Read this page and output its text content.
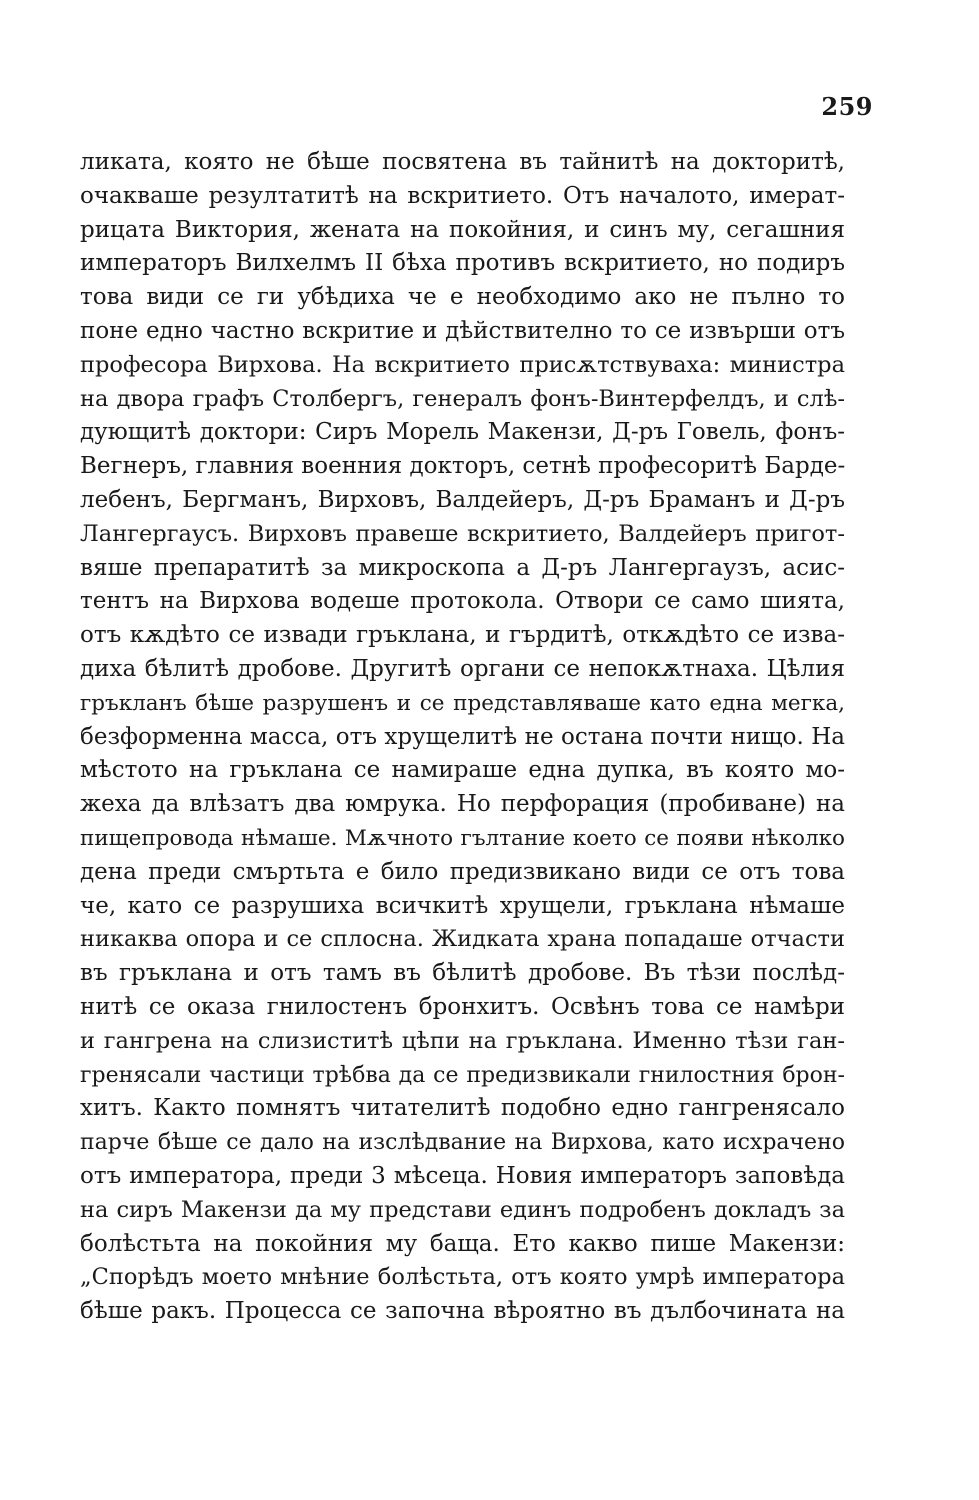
259
ликата, която не бѣше посвятена въ тайнитѣ на докторитѣ,
очакваше резултатитѣ на вскритието. Отъ началото, имерат-
рицата Виктория, жената на покойния, и синъ му, сегашния
императоръ Вилхелмъ II бѣха противъ вскритието, но подиръ
това види се ги убѣдиха че е необходимо ако не пълно то
поне едно частно вскритие и дѣйствително то се извърши отъ
професора Вирхова. На вскритието присѫтствуваха: министра
на двора графъ Столбергъ, генералъ фонъ-Винтерфелдъ, и слѣ-
дующитѣ доктори: Сиръ Морель Макензи, Д-ръ Говель, фонъ-
Вегнеръ, главния военния докторъ, сетнѣ професоритѣ Барде-
лебенъ, Бергманъ, Вирховъ, Валдейеръ, Д-ръ Браманъ и Д-ръ
Лангергаусъ. Вирховъ правеше вскритието, Валдейеръ пригот-
вяше препаратитѣ за микроскопа а Д-ръ Лангергаузъ, асис-
тентъ на Вирхова водеше протокола. Отвори се само шията,
отъ кѫдѣто се извади гръклана, и гърдитѣ, откѫдѣто се изва-
диха бѣлитѣ дробове. Другитѣ органи се непокѫтнаха. Цѣлия
гръкланъ бѣше разрушенъ и се представляваше като една мегка,
безформенна масса, отъ хрущелитѣ не остана почти нищо. На
мѣстото на гръклана се намираше една дупка, въ която мо-
жеха да влѣзатъ два юмрука. Но перфорация (пробиване) на
пищепровода нѣмаше. Мѫчното гълтание което се появи нѣколко
дена преди смъртьта е било предизвикано види се отъ това
че, като се разрушиха всичкитѣ хрущели, гръклана нѣмаше
никаква опора и се сплосна. Жидката храна попадаше отчасти
въ гръклана и отъ тамъ въ бѣлитѣ дробове. Въ тѣзи послѣд-
нитѣ се оказа гнилостенъ бронхитъ. Освѣнъ това се намѣри
и гангрена на слизиститѣ цѣпи на гръклана. Именно тѣзи ган-
гренясали частици трѣбва да се предизвикали гнилостния брон-
хитъ. Както помнятъ читателитѣ подобно едно гангренясало
парче бѣше се дало на изслѣдвание на Вирхова, като исхрачено
отъ императора, преди 3 мѣсеца. Новия императоръ заповѣда
на сиръ Макензи да му представи единъ подробенъ докладъ за
болѣстьта на покойния му баща. Ето какво пише Макензи:
„Спорѣдъ моето мнѣние болѣстьта, отъ която умрѣ императора
бѣше ракъ. Процесса се започна вѣроятно въ дълбочината на
